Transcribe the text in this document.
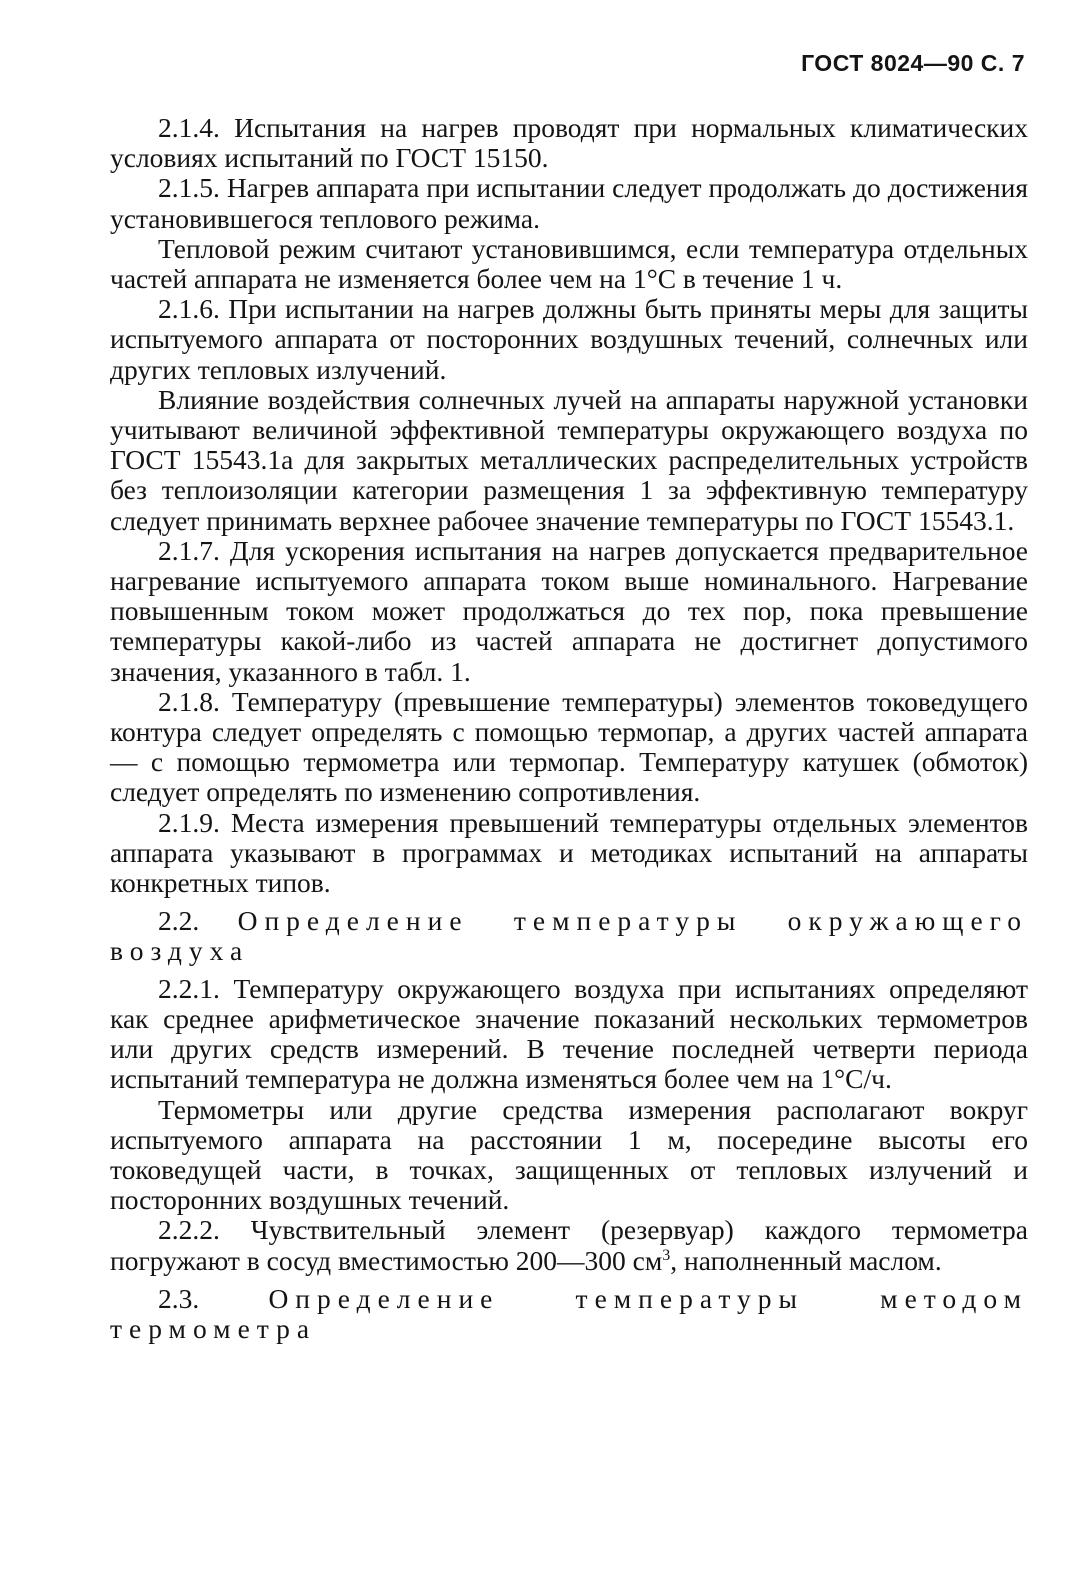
ГОСТ 8024—90 С. 7

2.1.4. Испытания на нагрев проводят при нормальных климатических условиях испытаний по ГОСТ 15150.

2.1.5. Нагрев аппарата при испытании следует продолжать до достижения установившегося теплового режима.

Тепловой режим считают установившимся, если температура отдельных частей аппарата не изменяется более чем на 1°С в течение 1 ч.

2.1.6. При испытании на нагрев должны быть приняты меры для защиты испытуемого аппарата от посторонних воздушных течений, солнечных или других тепловых излучений.

Влияние воздействия солнечных лучей на аппараты наружной установки учитывают величиной эффективной температуры окружающего воздуха по ГОСТ 15543.1а для закрытых металлических распределительных устройств без теплоизоляции категории размещения 1 за эффективную температуру следует принимать верхнее рабочее значение температуры по ГОСТ 15543.1.

2.1.7. Для ускорения испытания на нагрев допускается предварительное нагревание испытуемого аппарата током выше номинального. Нагревание повышенным током может продолжаться до тех пор, пока превышение температуры какой-либо из частей аппарата не достигнет допустимого значения, указанного в табл. 1.

2.1.8. Температуру (превышение температуры) элементов токоведущего контура следует определять с помощью термопар, а других частей аппарата — с помощью термометра или термопар. Температуру катушек (обмоток) следует определять по изменению сопротивления.

2.1.9. Места измерения превышений температуры отдельных элементов аппарата указывают в программах и методиках испытаний на аппараты конкретных типов.

2.2. Определение температуры окружающего воздуха

2.2.1. Температуру окружающего воздуха при испытаниях определяют как среднее арифметическое значение показаний нескольких термометров или других средств измерений. В течение последней четверти периода испытаний температура не должна изменяться более чем на 1°С/ч.

Термометры или другие средства измерения располагают вокруг испытуемого аппарата на расстоянии 1 м, посередине высоты его токоведущей части, в точках, защищенных от тепловых излучений и посторонних воздушных течений.

2.2.2. Чувствительный элемент (резервуар) каждого термометра погружают в сосуд вместимостью 200—300 $см^3$, наполненный маслом.

2.3.	Определение температуры методом термометра
